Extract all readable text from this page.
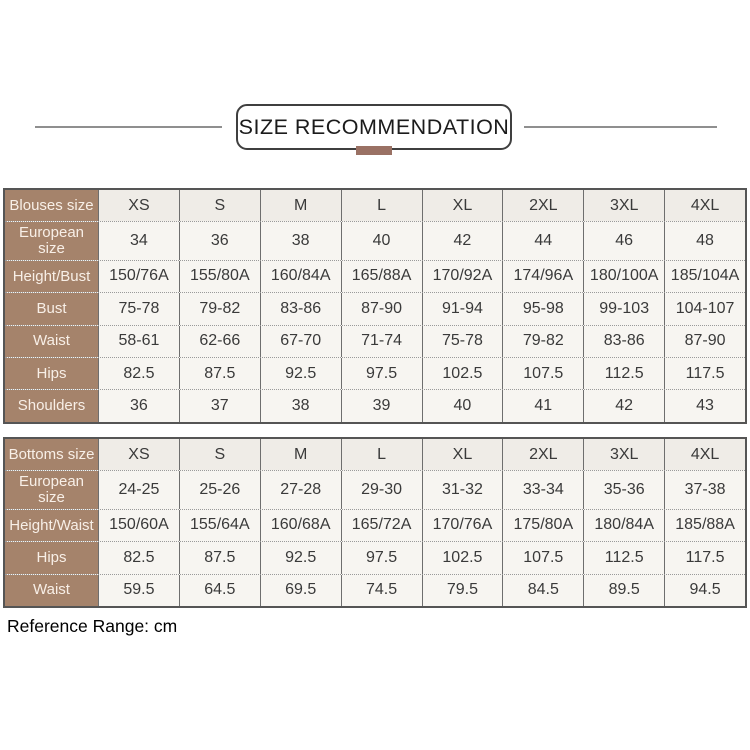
SIZE RECOMMENDATION
Blouses size	XS	S	M	L	XL	2XL	3XL	4XL
European size	34	36	38	40	42	44	46	48
Height/Bust	150/76A	155/80A	160/84A	165/88A	170/92A	174/96A	180/100A 185/104A
Bust	75-78	79-82	83-86	87-90	91-94	95-98	99-103	104-107
Waist	58-61	62-66	67-70	71-74	75-78	79-82	83-86	87-90
Hips	82.5	87.5	92.5	97.5	102.5	107.5	112.5	117.5
Shoulders	36	37	38	39	40	41	42	43
Bottoms size	XS	S	M	L	XL	2XL	3XL	4XL
European size	24-25	25-26	27-28	29-30	31-32	33-34	35-36	37-38
Height/Waist 150/60A	155/64A	160/68A	165/72A	170/76A	175/80A	180/84A	185/88A
Hips	82.5	87.5	92.5	97.5	102.5	107.5	112.5	117.5
Waist	59.5	64.5	69.5	74.5	79.5	84.5	89.5	94.5
Reference Range: cm
